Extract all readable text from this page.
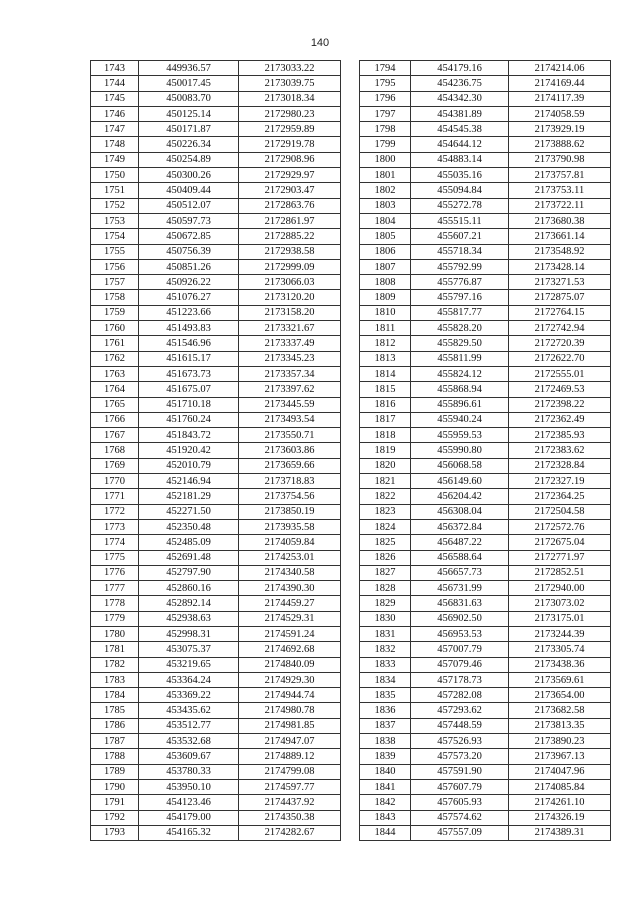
140
1743	449936.57	2173033.22
1744	450017.45	2173039.75
1745	450083.70	2173018.34
1746	450125.14	2172980.23
1747	450171.87	2172959.89
1748	450226.34	2172919.78
1749	450254.89	2172908.96
1750	450300.26	2172929.97
1751	450409.44	2172903.47
1752	450512.07	2172863.76
1753	450597.73	2172861.97
1754	450672.85	2172885.22
1755	450756.39	2172938.58
1756	450851.26	2172999.09
1757	450926.22	2173066.03
1758	451076.27	2173120.20
1759	451223.66	2173158.20
1760	451493.83	2173321.67
1761	451546.96	2173337.49
1762	451615.17	2173345.23
1763	451673.73	2173357.34
1764	451675.07	2173397.62
1765	451710.18	2173445.59
1766	451760.24	2173493.54
1767	451843.72	2173550.71
1768	451920.42	2173603.86
1769	452010.79	2173659.66
1770	452146.94	2173718.83
1771	452181.29	2173754.56
1772	452271.50	2173850.19
1773	452350.48	2173935.58
1774	452485.09	2174059.84
1775	452691.48	2174253.01
1776	452797.90	2174340.58
1777	452860.16	2174390.30
1778	452892.14	2174459.27
1779	452938.63	2174529.31
1780	452998.31	2174591.24
1781	453075.37	2174692.68
1782	453219.65	2174840.09
1783	453364.24	2174929.30
1784	453369.22	2174944.74
1785	453435.62	2174980.78
1786	453512.77	2174981.85
1787	453532.68	2174947.07
1788	453609.67	2174889.12
1789	453780.33	2174799.08
1790	453950.10	2174597.77
1791	454123.46	2174437.92
1792	454179.00	2174350.38
1793	454165.32	2174282.67
1794	454179.16	2174214.06
1795	454236.75	2174169.44
1796	454342.30	2174117.39
1797	454381.89	2174058.59
1798	454545.38	2173929.19
1799	454644.12	2173888.62
1800	454883.14	2173790.98
1801	455035.16	2173757.81
1802	455094.84	2173753.11
1803	455272.78	2173722.11
1804	455515.11	2173680.38
1805	455607.21	2173661.14
1806	455718.34	2173548.92
1807	455792.99	2173428.14
1808	455776.87	2173271.53
1809	455797.16	2172875.07
1810	455817.77	2172764.15
1811	455828.20	2172742.94
1812	455829.50	2172720.39
1813	455811.99	2172622.70
1814	455824.12	2172555.01
1815	455868.94	2172469.53
1816	455896.61	2172398.22
1817	455940.24	2172362.49
1818	455959.53	2172385.93
1819	455990.80	2172383.62
1820	456068.58	2172328.84
1821	456149.60	2172327.19
1822	456204.42	2172364.25
1823	456308.04	2172504.58
1824	456372.84	2172572.76
1825	456487.22	2172675.04
1826	456588.64	2172771.97
1827	456657.73	2172852.51
1828	456731.99	2172940.00
1829	456831.63	2173073.02
1830	456902.50	2173175.01
1831	456953.53	2173244.39
1832	457007.79	2173305.74
1833	457079.46	2173438.36
1834	457178.73	2173569.61
1835	457282.08	2173654.00
1836	457293.62	2173682.58
1837	457448.59	2173813.35
1838	457526.93	2173890.23
1839	457573.20	2173967.13
1840	457591.90	2174047.96
1841	457607.79	2174085.84
1842	457605.93	2174261.10
1843	457574.62	2174326.19
1844	457557.09	2174389.31
